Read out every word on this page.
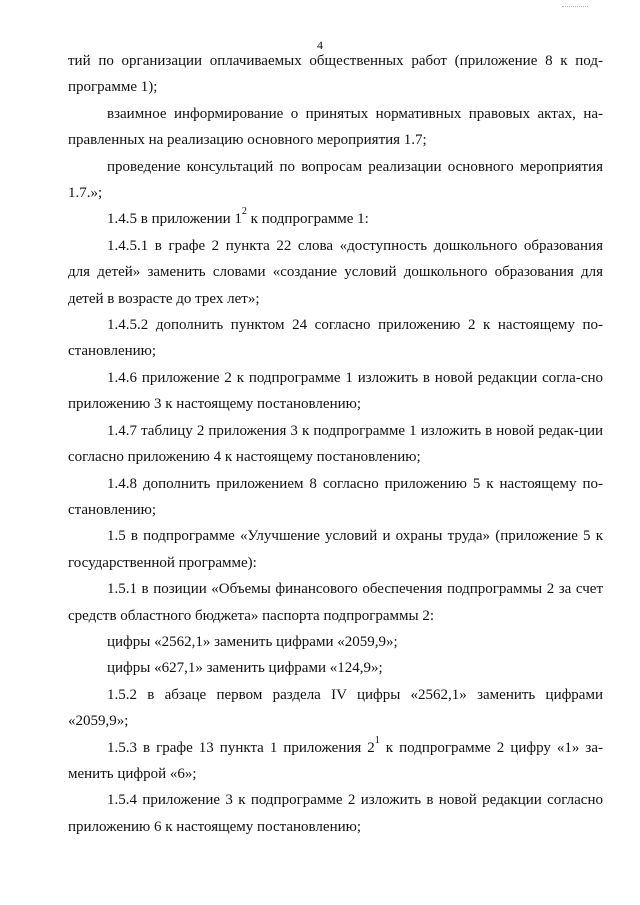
4

тий по организации оплачиваемых общественных работ (приложение 8 к под-программе 1);

взаимное информирование о принятых нормативных правовых актах, на-правленных на реализацию основного мероприятия 1.7;

проведение консультаций по вопросам реализации основного мероприятия 1.7.»;

1.4.5 в приложении $1^2$ к подпрограмме 1:

1.4.5.1 в графе 2 пункта 22 слова «доступность дошкольного образования для детей» заменить словами «создание условий дошкольного образования для детей в возрасте до трех лет»;

1.4.5.2 дополнить пунктом 24 согласно приложению 2 к настоящему по-становлению;

1.4.6 приложение 2 к подпрограмме 1 изложить в новой редакции согла-сно приложению 3 к настоящему постановлению;

1.4.7 таблицу 2 приложения 3 к подпрограмме 1 изложить в новой редак-ции согласно приложению 4 к настоящему постановлению;

1.4.8 дополнить приложением 8 согласно приложению 5 к настоящему по-становлению;

1.5 в подпрограмме «Улучшение условий и охраны труда» (приложение 5 к государственной программе):

1.5.1 в позиции «Объемы финансового обеспечения подпрограммы 2 за счет средств областного бюджета» паспорта подпрограммы 2:

цифры «2562,1» заменить цифрами «2059,9»;

цифры «627,1» заменить цифрами «124,9»;

1.5.2 в абзаце первом раздела IV цифры «2562,1» заменить цифрами «2059,9»;

1.5.3 в графе 13 пункта 1 приложения $2^1$ к подпрограмме 2 цифру «1» за-менить цифрой «6»;

1.5.4 приложение 3 к подпрограмме 2 изложить в новой редакции согласно приложению 6 к настоящему постановлению;
